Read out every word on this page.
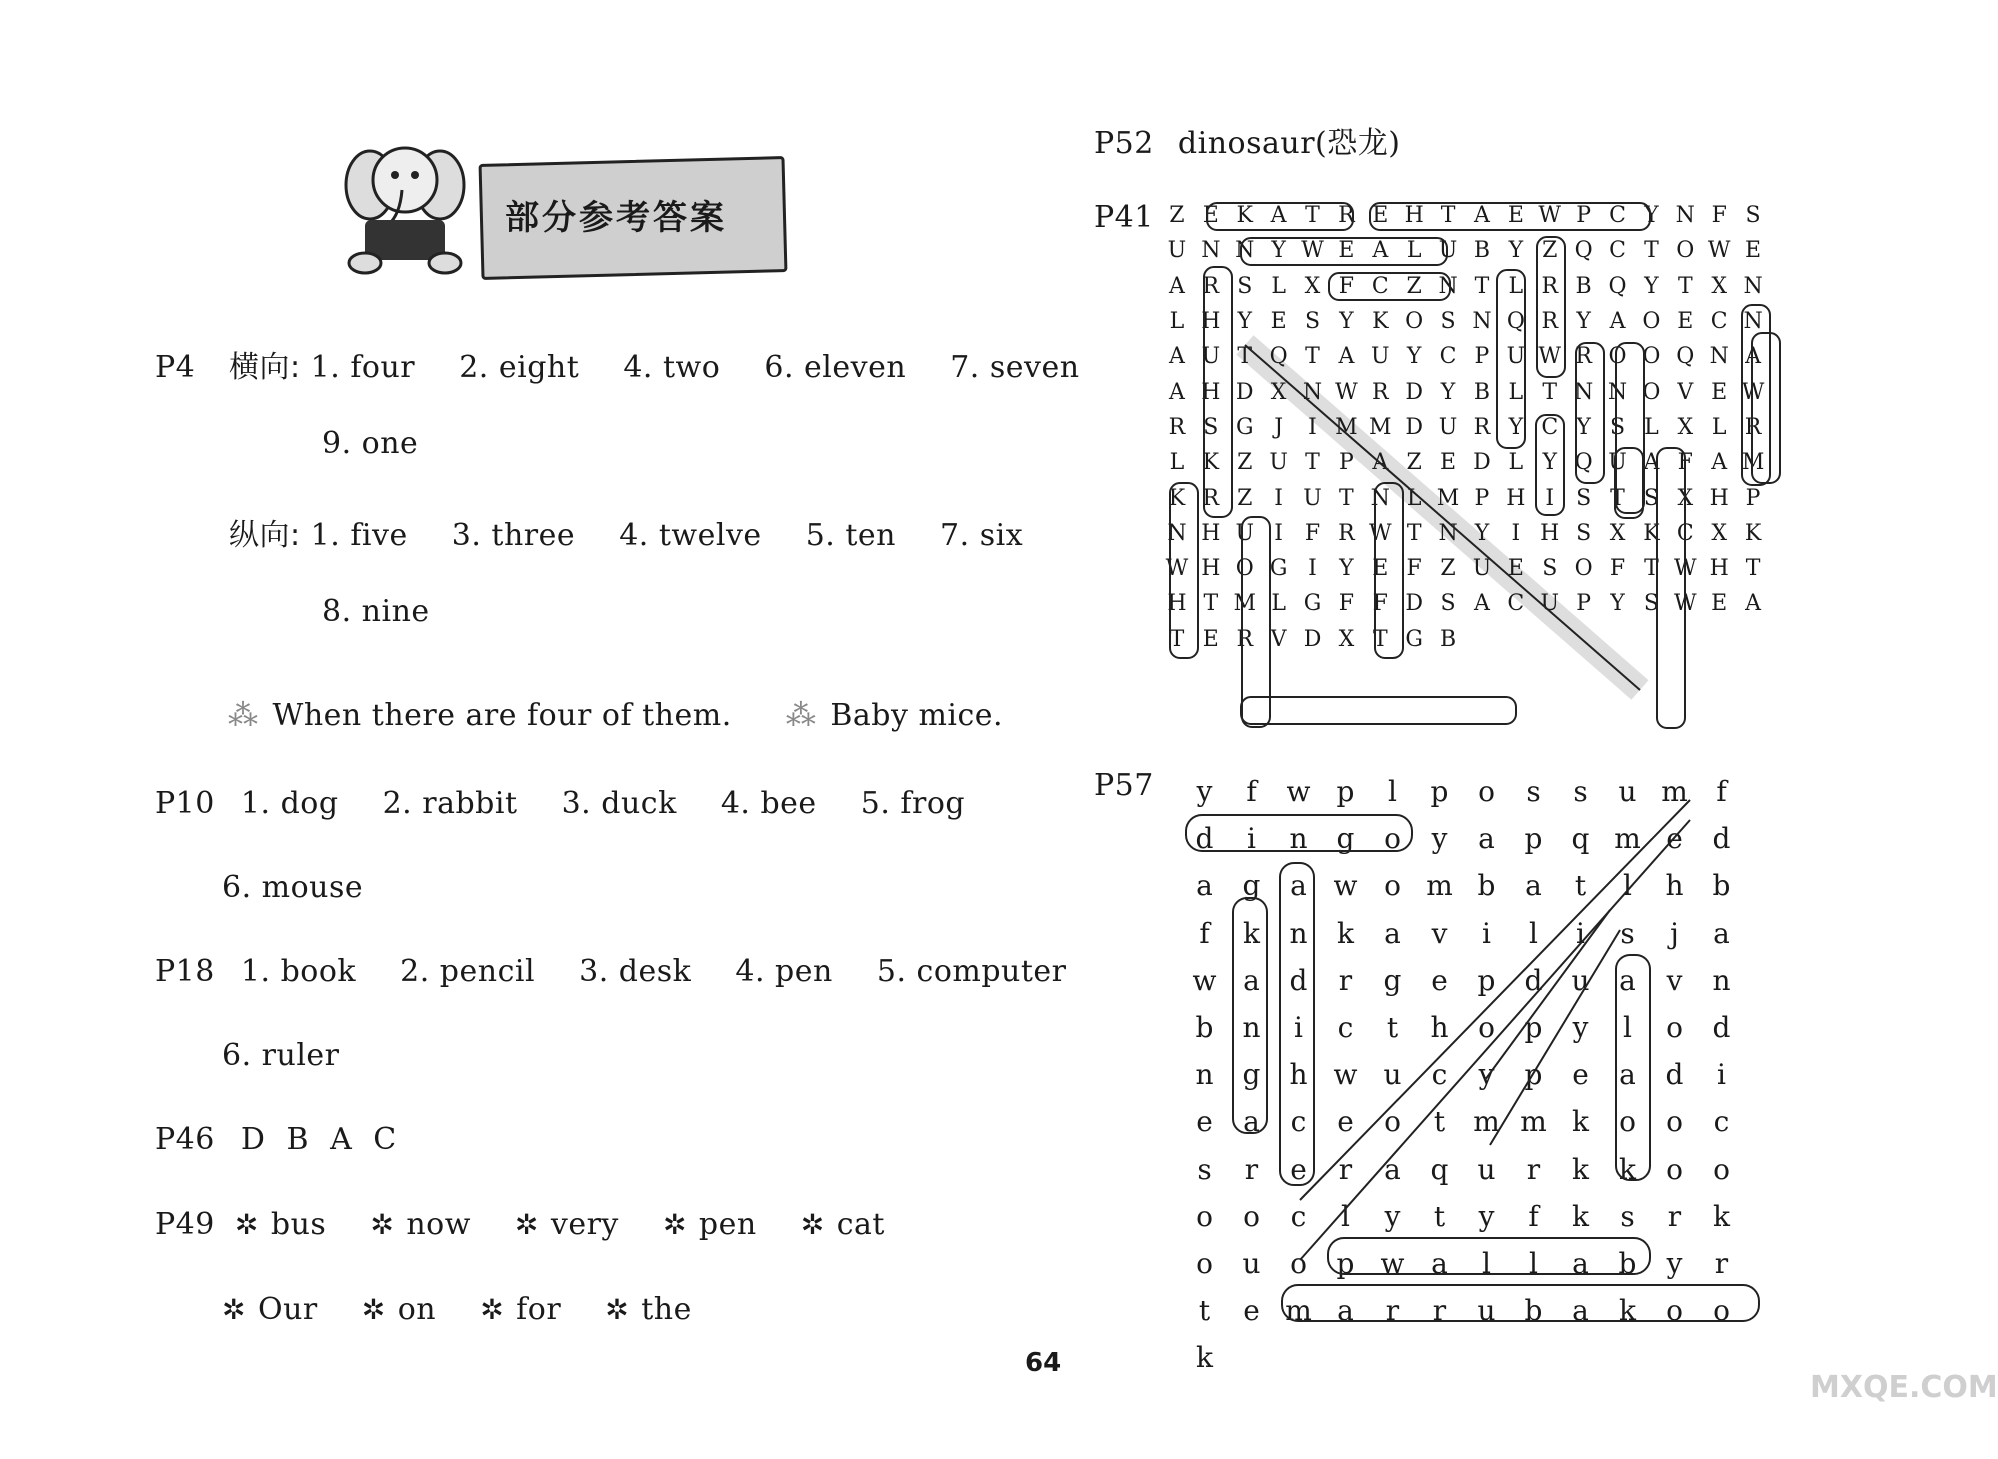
部分参考答案
P4 横向: 1. four 2. eight 4. two 6. eleven 7. seven
9. one
纵向: 1. five 3. three 4. twelve 5. ten 7. six
8. nine
⁂ When there are four of them. ⁂ Baby mice.
P10 1. dog 2. rabbit 3. duck 4. bee 5. frog
6. mouse
P18 1. book 2. pencil 3. desk 4. pen 5. computer
6. ruler
P46 D B A C
P49 ✲ bus ✲ now ✲ very ✲ pen ✲ cat
✲ Our ✲ on ✲ for ✲ the
P52 dinosaur(恐龙)
P41 Z E K A T R E H T A E W P C Y N F S
U N N Y W E A L U B Y Z Q C T O W E
A R S L X F C Z N T L R B Q Y T X N
L H Y E S Y K O S N Q R Y A O E C N
A U T Q T A U Y C P U W R O O Q N A
A H D X N W R D Y B L T N N O V E W
R S G J	I M M D U R Y C Y S L X L R
L K Z U T P A Z E D L Y Q U A F A M
K R Z I U T N L M P H I	S T S X H P
N H U I F R W T N Y	I H S X K C X K
W H O G I	Y E F Z U E S O F T W H T
H T M L G F F D S A C U P Y S W E A
T E R V D X T G B
P57	y	f	w p	l	p	o	s	s	u m	f
d	i	n	g	o	y	a	p	q m e	d
a	g	a w o m b	a	t	l	h	b
f	k	n	k	a	v	i	l	i	s	j	a
w a	d	r	g	e	p	d	u	a	v	n
b	n	i	c	t	h	o	p	y	l	o	d
n	g	h w u	c	y	p	e	a	d	i
e	a	c	e	o	t	m m k	o	o	c
s	r	e	r	a	q	u	r	k	k	o	o
o	o	c	l	y	t	y	f	k	s	r	k
o	u	o	p w a	l	l	a	b	y	r
t	e m a	r	r	u	b	a	k	o	o
k
64
MXQE.COM
